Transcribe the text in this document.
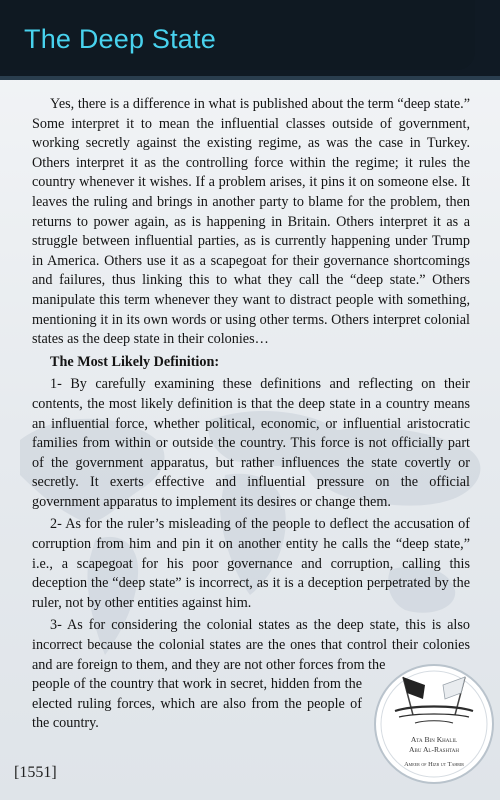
The Deep State

Yes, there is a difference in what is published about the term “deep state.” Some interpret it to mean the influential classes outside of government, working secretly against the existing regime, as was the case in Turkey. Others interpret it as the controlling force within the regime; it rules the country whenever it wishes. If a problem arises, it pins it on someone else. It leaves the ruling and brings in another party to blame for the problem, then returns to power again, as is happening in Britain. Others interpret it as a struggle between influential parties, as is currently happening under Trump in America. Others use it as a scapegoat for their governance shortcomings and failures, thus linking this to what they call the “deep state.” Others manipulate this term whenever they want to distract people with something, mentioning it in its own words or using other terms. Others interpret colonial states as the deep state in their colonies…

The Most Likely Definition:

1- By carefully examining these definitions and reflecting on their contents, the most likely definition is that the deep state in a country means an influential force, whether political, economic, or influential aristocratic families from within or outside the country. This force is not officially part of the government apparatus, but rather influences the state covertly or secretly. It exerts effective and influential pressure on the official government apparatus to implement its desires or change them.

2- As for the ruler’s misleading of the people to deflect the accusation of corruption from him and pin it on another entity he calls the “deep state,” i.e., a scapegoat for his poor governance and corruption, calling this deception the “deep state” is incorrect, as it is a deception perpetrated by the ruler, not by other entities against him.

3- As for considering the colonial states as the deep state, this is also incorrect because the colonial states are the ones that control their colonies and are foreign to them, and they are not other forces from the

people of the country that work in secret, hidden from the elected ruling forces, which are also from the people of the country.

[1551]
Ata Bin Khalil
Abu Al-Rashtah
Ameer of Hizb ut Tahrir
